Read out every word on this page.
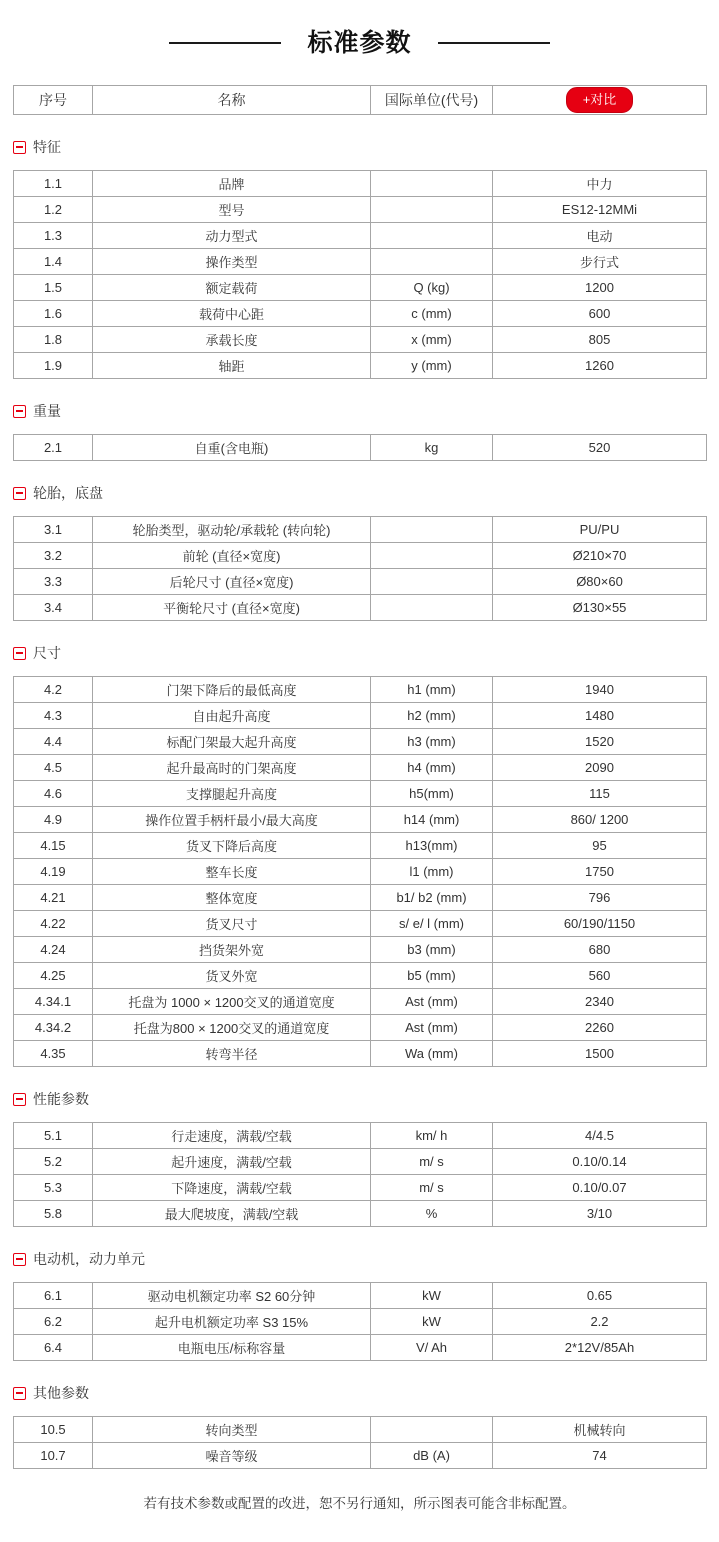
标准参数
序号	名称	国际单位(代号)	+对比
特征
1.1	品牌		中力
1.2	型号		ES12-12MMi
1.3	动力型式		电动
1.4	操作类型		步行式
1.5	额定载荷	Q (kg)	1200
1.6	载荷中心距	c (mm)	600
1.8	承载长度	x (mm)	805
1.9	轴距	y (mm)	1260
重量
2.1	自重(含电瓶)	kg	520
轮胎，底盘
3.1	轮胎类型，驱动轮/承载轮 (转向轮)		PU/PU
3.2	前轮 (直径×宽度)		Ø210×70
3.3	后轮尺寸 (直径×宽度)		Ø80×60
3.4	平衡轮尺寸 (直径×宽度)		Ø130×55
尺寸
4.2	门架下降后的最低高度	h1 (mm)	1940
4.3	自由起升高度	h2 (mm)	1480
4.4	标配门架最大起升高度	h3 (mm)	1520
4.5	起升最高时的门架高度	h4 (mm)	2090
4.6	支撑腿起升高度	h5(mm)	115
4.9	操作位置手柄杆最小/最大高度	h14 (mm)	860/ 1200
4.15	货叉下降后高度	h13(mm)	95
4.19	整车长度	l1 (mm)	1750
4.21	整体宽度	b1/ b2 (mm)	796
4.22	货叉尺寸	s/ e/ l (mm)	60/190/1150
4.24	挡货架外宽	b3 (mm)	680
4.25	货叉外宽	b5 (mm)	560
4.34.1	托盘为 1000 × 1200交叉的通道宽度	Ast (mm)	2340
4.34.2	托盘为800 × 1200交叉的通道宽度	Ast (mm)	2260
4.35	转弯半径	Wa (mm)	1500
性能参数
5.1	行走速度，满载/空载	km/ h	4/4.5
5.2	起升速度，满载/空载	m/ s	0.10/0.14
5.3	下降速度，满载/空载	m/ s	0.10/0.07
5.8	最大爬坡度，满载/空载	%	3/10
电动机，动力单元
6.1	驱动电机额定功率 S2 60分钟	kW	0.65
6.2	起升电机额定功率 S3 15%	kW	2.2
6.4	电瓶电压/标称容量	V/ Ah	2*12V/85Ah
其他参数
10.5	转向类型		机械转向
10.7	噪音等级	dB (A)	74
若有技术参数或配置的改进，恕不另行通知，所示图表可能含非标配置。
